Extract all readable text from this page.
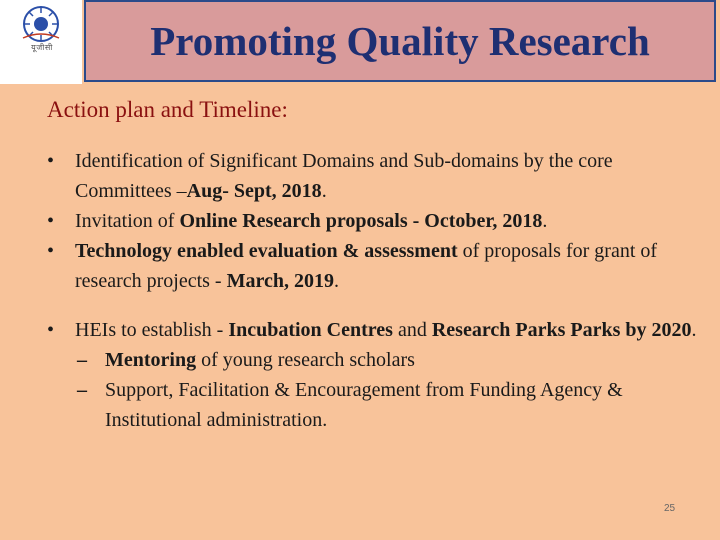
यूजीसी	Promoting Quality Research

Action plan and Timeline:

• Identification of Significant Domains and Sub-domains by the core Committees –Aug- Sept, 2018.
• Invitation of Online Research proposals - October, 2018.
• Technology enabled evaluation & assessment of proposals for grant of research projects - March, 2019.
• HEIs to establish - Incubation Centres and Research Parks Parks by 2020.
– Mentoring of young research scholars
– Support, Facilitation & Encouragement from Funding Agency & Institutional administration.
25
